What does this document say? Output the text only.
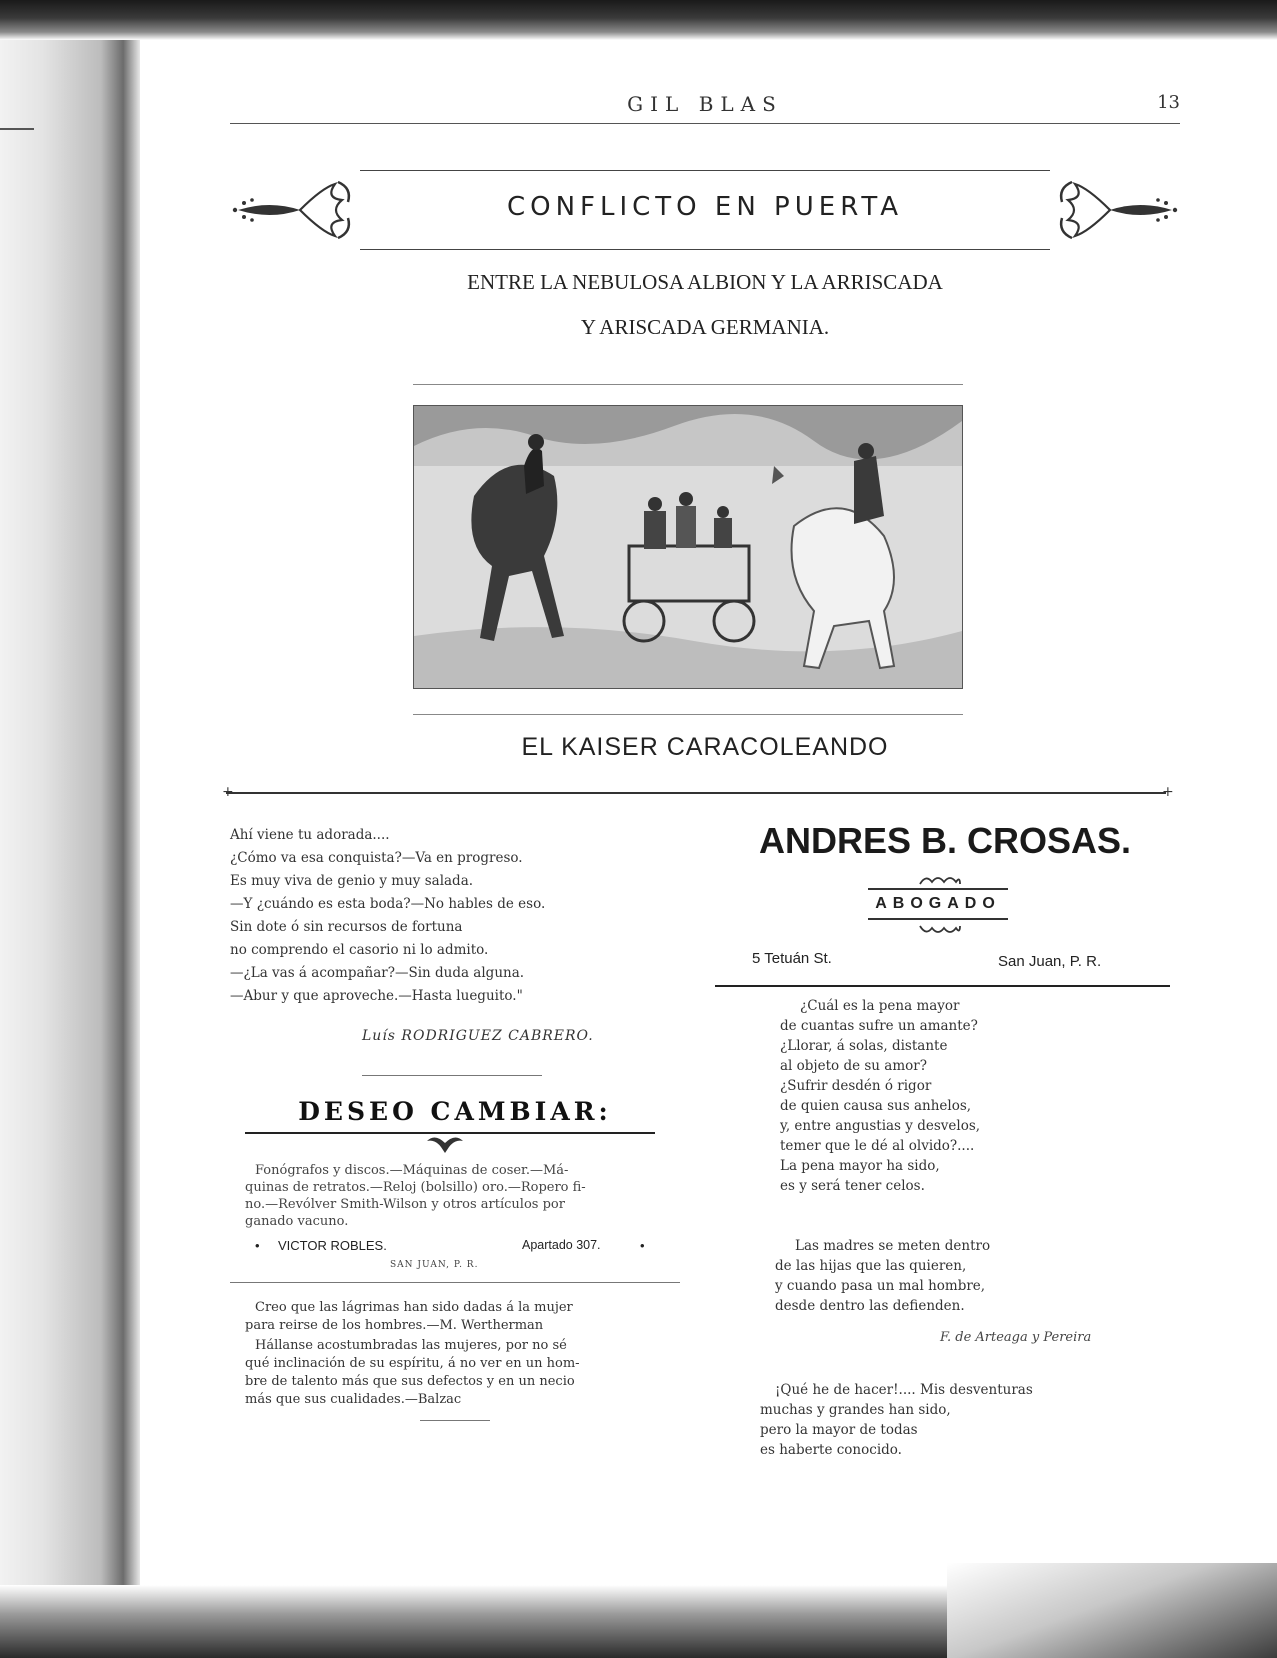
GIL BLAS	13
CONFLICTO EN PUERTA
ENTRE LA NEBULOSA ALBION Y LA ARRISCADA
Y ARISCADA GERMANIA.
EL KAISER CARACOLEANDO
+	+
Ahí viene tu adorada....
¿Cómo va esa conquista?—Va en progreso.
Es muy viva de genio y muy salada.
—Y ¿cuándo es esta boda?—No hables de eso.
Sin dote ó sin recursos de fortuna
no comprendo el casorio ni lo admito.
—¿La vas á acompañar?—Sin duda alguna.
—Abur y que aproveche.—Hasta lueguito."
Luís RODRIGUEZ CABRERO.
DESEO CAMBIAR:
Fonógrafos y discos.—Máquinas de coser.—Má-
quinas de retratos.—Reloj (bolsillo) oro.—Ropero fi-
no.—Revólver Smith-Wilson y otros artículos por
ganado vacuno.
• VICTOR ROBLES.	Apartado 307.	•
SAN JUAN, P. R.
Creo que las lágrimas han sido dadas á la mujer
para reirse de los hombres.—M. Wertherman
Hállanse acostumbradas las mujeres, por no sé
qué inclinación de su espíritu, á no ver en un hom-
bre de talento más que sus defectos y en un necio
más que sus cualidades.—Balzac
ANDRES B. CROSAS.
ABOGADO
5 Tetuán St.	San Juan, P. R.
¿Cuál es la pena mayor
de cuantas sufre un amante?
¿Llorar, á solas, distante
al objeto de su amor?
¿Sufrir desdén ó rigor
de quien causa sus anhelos,
y, entre angustias y desvelos,
temer que le dé al olvido?....
La pena mayor ha sido,
es y será tener celos.
Las madres se meten dentro
de las hijas que las quieren,
y cuando pasa un mal hombre,
desde dentro las defienden.
F. de Arteaga y Pereira
¡Qué he de hacer!.... Mis desventuras
muchas y grandes han sido,
pero la mayor de todas
es haberte conocido.
